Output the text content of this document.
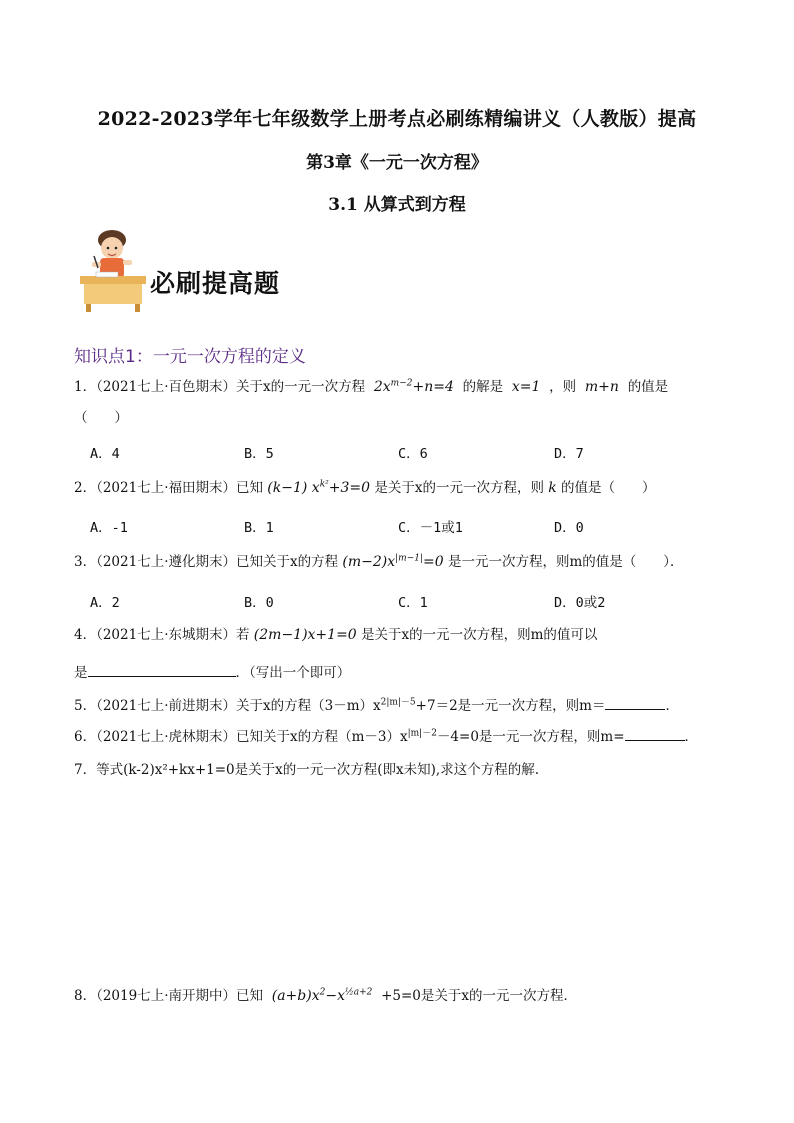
2022-2023学年七年级数学上册考点必刷练精编讲义（人教版）提高
第3章《一元一次方程》
3.1 从算式到方程
必刷提高题
知识点1：一元一次方程的定义
1．（2021七上·百色期末）关于x的一元一次方程  $2x^{m-2}+n=4$  的解是  x=1  ，则  m+n  的值是
（　　）
A．4	B．5	C．6	D．7
2．（2021七上·福田期末）已知 (k−1) $x^{k^2}+3=0$ 是关于x的一元一次方程，则 k 的值是（　　）
A．-1	B．1	C．－1或1	D．0
3．（2021七上·遵化期末）已知关于x的方程 $(m-2)x^{|m-1|}=0$ 是一元一次方程，则m的值是（　　）．
A．2	B．0	C．1	D．0或2
4．（2021七上·东城期末）若 (2m−1)x+1=0 是关于x的一元一次方程，则m的值可以
是	．（写出一个即可）
5．（2021七上·前进期末）关于x的方程$(3-m)x^{2|m|-5}+7=2$是一元一次方程，则m＝	．
6．（2021七上·虎林期末）已知关于x的方程$(m-3)x^{|m|-2}-4=0$是一元一次方程，则m=	．
7．等式(k-2)x²+kx+1=0是关于x的一元一次方程(即x未知),求这个方程的解.
8．（2019七上·南开期中）已知  $(a+b)x^2-x^{\frac{1}{2}a+2} +5=0$是关于x的一元一次方程．
